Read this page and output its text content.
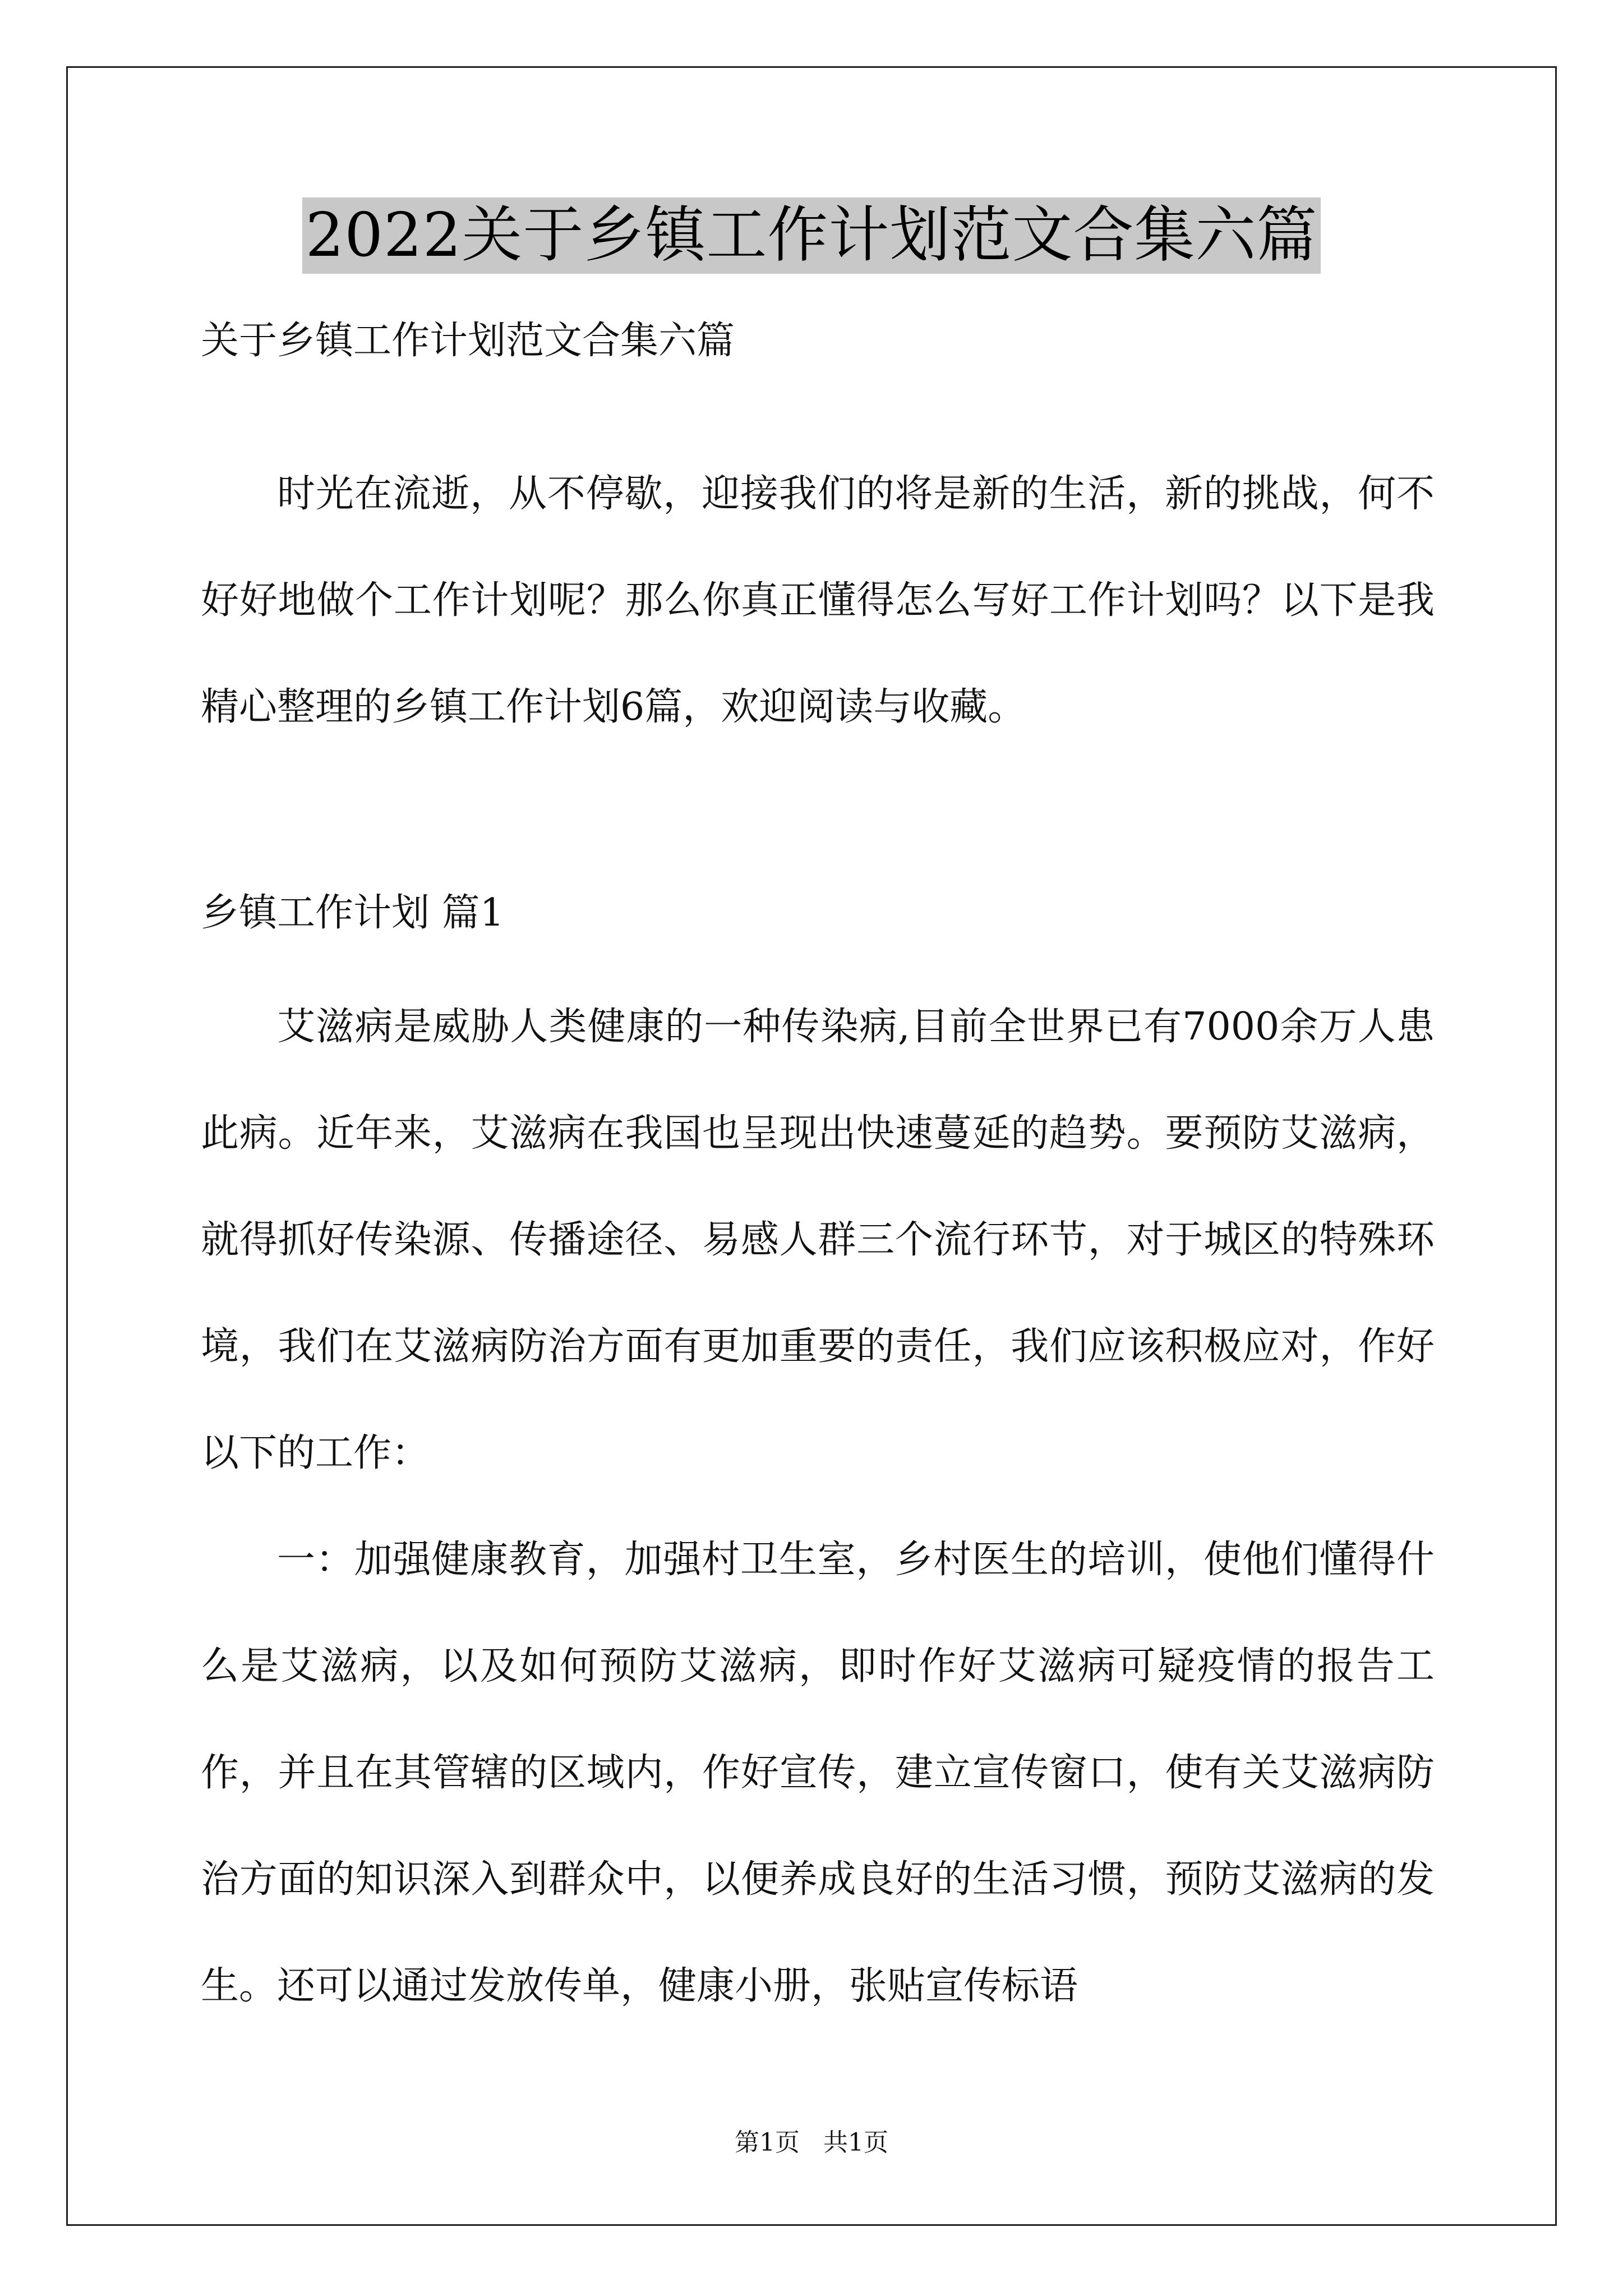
2022关于乡镇工作计划范文合集六篇
关于乡镇工作计划范文合集六篇
时光在流逝，从不停歇，迎接我们的将是新的生活，新的挑战，何不好好地做个工作计划呢？那么你真正懂得怎么写好工作计划吗？以下是我精心整理的乡镇工作计划6篇，欢迎阅读与收藏。
乡镇工作计划 篇1
艾滋病是威胁人类健康的一种传染病,目前全世界已有7000余万人患此病。近年来，艾滋病在我国也呈现出快速蔓延的趋势。要预防艾滋病，就得抓好传染源、传播途径、易感人群三个流行环节，对于城区的特殊环境，我们在艾滋病防治方面有更加重要的责任，我们应该积极应对，作好以下的工作：
一：加强健康教育，加强村卫生室，乡村医生的培训，使他们懂得什么是艾滋病，以及如何预防艾滋病，即时作好艾滋病可疑疫情的报告工作，并且在其管辖的区域内，作好宣传，建立宣传窗口，使有关艾滋病防治方面的知识深入到群众中，以便养成良好的生活习惯，预防艾滋病的发生。还可以通过发放传单，健康小册，张贴宣传标语
第1页   共1页
